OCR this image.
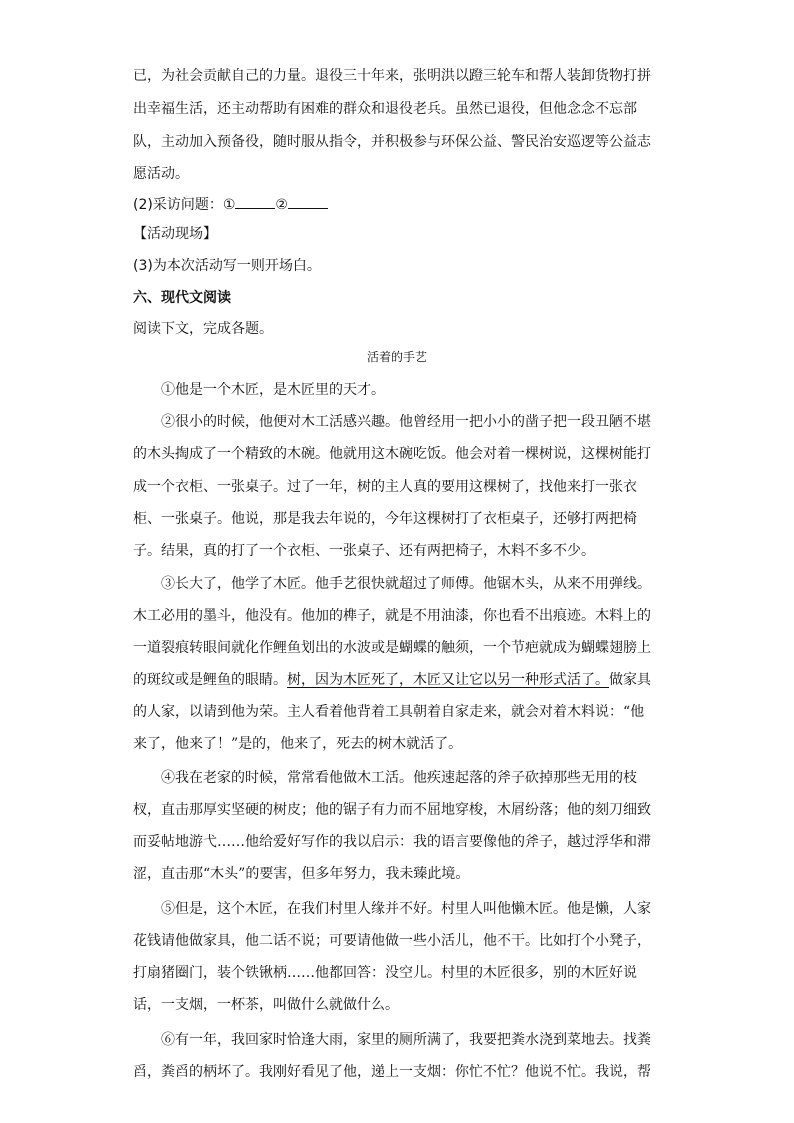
已，为社会贡献自己的力量。退役三十年来，张明洪以蹬三轮车和帮人装卸货物打拼
出幸福生活，还主动帮助有困难的群众和退役老兵。虽然已退役，但他念念不忘部
队，主动加入预备役，随时服从指令，并积极参与环保公益、警民治安巡逻等公益志
愿活动。
(2)采访问题：①	②
【活动现场】
(3)为本次活动写一则开场白。
六、现代文阅读
阅读下文，完成各题。
活着的手艺
①他是一个木匠，是木匠里的天才。
②很小的时候，他便对木工活感兴趣。他曾经用一把小小的凿子把一段丑陋不堪
的木头掏成了一个精致的木碗。他就用这木碗吃饭。他会对着一棵树说，这棵树能打
成一个衣柜、一张桌子。过了一年，树的主人真的要用这棵树了，找他来打一张衣
柜、一张桌子。他说，那是我去年说的，今年这棵树打了衣柜桌子，还够打两把椅
子。结果，真的打了一个衣柜、一张桌子、还有两把椅子，木料不多不少。
③长大了，他学了木匠。他手艺很快就超过了师傅。他锯木头，从来不用弹线。
木工必用的墨斗，他没有。他加的榫子，就是不用油漆，你也看不出痕迹。木料上的
一道裂痕转眼间就化作鲤鱼划出的水波或是蝴蝶的触须，一个节疤就成为蝴蝶翅膀上
的斑纹或是鲤鱼的眼睛。树，因为木匠死了，木匠又让它以另一种形式活了。做家具
的人家，以请到他为荣。主人看着他背着工具朝着自家走来，就会对着木料说：“他
来了，他来了！”是的，他来了，死去的树木就活了。
④我在老家的时候，常常看他做木工活。他疾速起落的斧子砍掉那些无用的枝
杈，直击那厚实坚硬的树皮；他的锯子有力而不屈地穿梭，木屑纷落；他的刻刀细致
而妥帖地游弋……他给爱好写作的我以启示：我的语言要像他的斧子，越过浮华和滞
涩，直击那“木头”的要害，但多年努力，我未臻此境。
⑤但是，这个木匠，在我们村里人缘并不好。村里人叫他懒木匠。他是懒，人家
花钱请他做家具，他二话不说；可要请他做一些小活儿，他不干。比如打个小凳子，
打扇猪圈门，装个铁锹柄……他都回答：没空儿。村里的木匠很多，别的木匠好说
话，一支烟，一杯茶，叫做什么就做什么。
⑥有一年，我回家时恰逢大雨，家里的厕所满了，我要把粪水浇到菜地去。找粪
舀，粪舀的柄坏了。我刚好看见了他，递上一支烟：你忙不忙？他说不忙。我说，帮
